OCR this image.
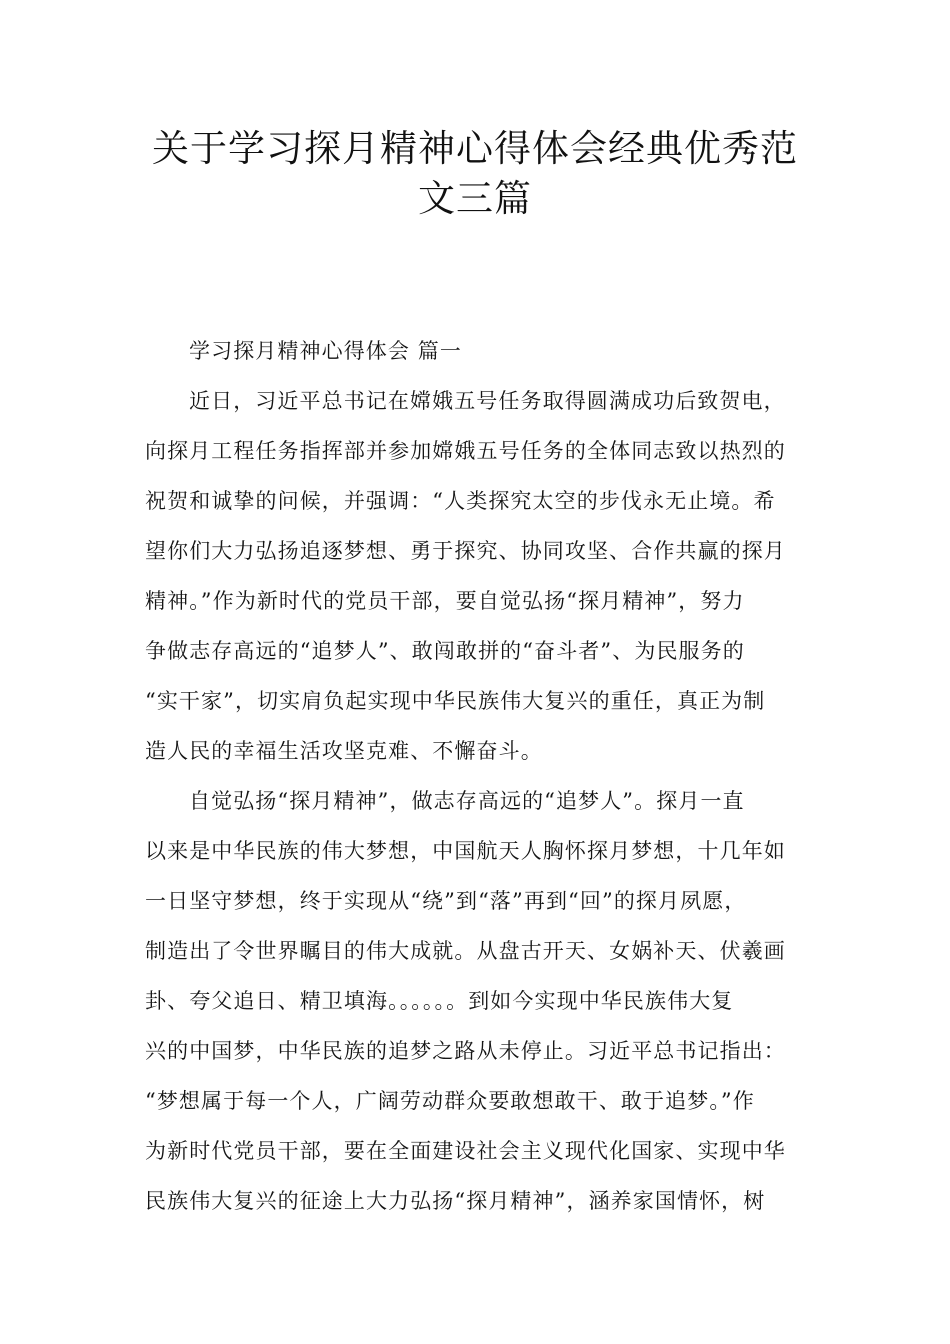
关于学习探月精神心得体会经典优秀范
文三篇
学习探月精神心得体会 篇一
近日，习近平总书记在嫦娥五号任务取得圆满成功后致贺电，
向探月工程任务指挥部并参加嫦娥五号任务的全体同志致以热烈的
祝贺和诚挚的问候，并强调：“人类探究太空的步伐永无止境。希
望你们大力弘扬追逐梦想、勇于探究、协同攻坚、合作共赢的探月
精神。”作为新时代的党员干部，要自觉弘扬“探月精神”，努力
争做志存高远的“追梦人”、敢闯敢拼的“奋斗者”、为民服务的
“实干家”，切实肩负起实现中华民族伟大复兴的重任，真正为制
造人民的幸福生活攻坚克难、不懈奋斗。
自觉弘扬“探月精神”，做志存高远的“追梦人”。探月一直
以来是中华民族的伟大梦想，中国航天人胸怀探月梦想，十几年如
一日坚守梦想，终于实现从“绕”到“落”再到“回”的探月夙愿，
制造出了令世界瞩目的伟大成就。从盘古开天、女娲补天、伏羲画
卦、夸父追日、精卫填海。。。。。。到如今实现中华民族伟大复
兴的中国梦，中华民族的追梦之路从未停止。习近平总书记指出：
“梦想属于每一个人，广阔劳动群众要敢想敢干、敢于追梦。”作
为新时代党员干部，要在全面建设社会主义现代化国家、实现中华
民族伟大复兴的征途上大力弘扬“探月精神”，涵养家国情怀，树
